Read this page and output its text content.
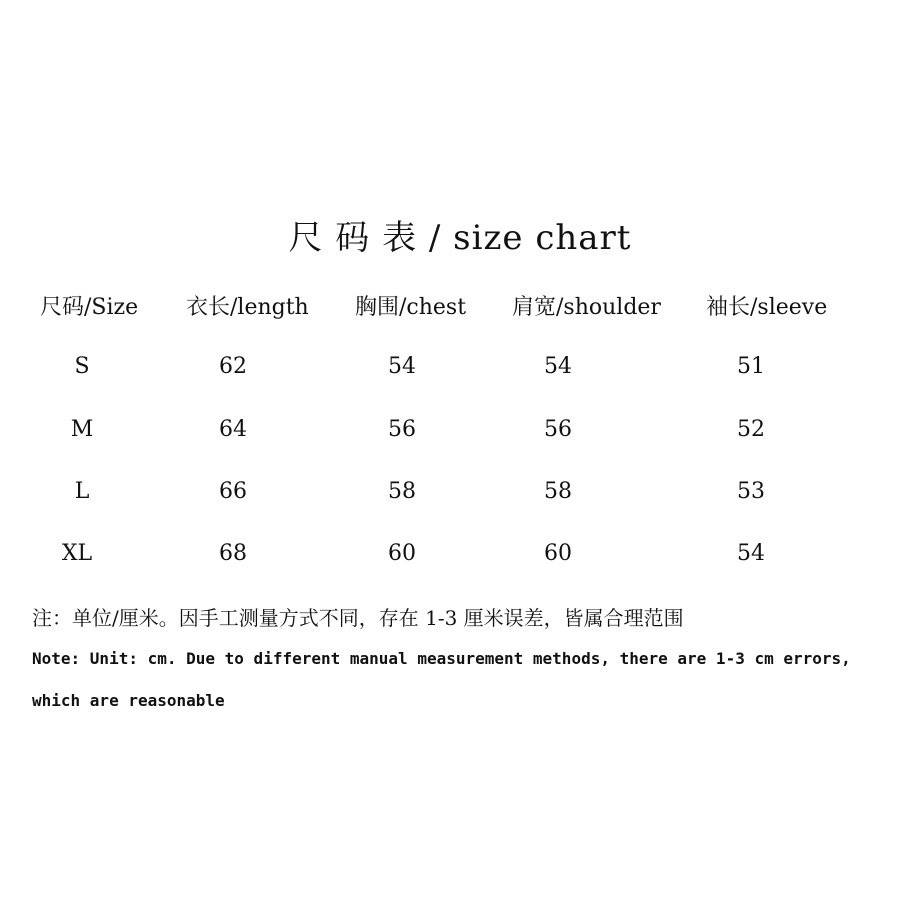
尺 码 表 / size chart
尺码/Size 衣长/length 胸围/chest 肩宽/shoulder 袖长/sleeve
S	62	54	54	51
M	64	56	56	52
L	66	58	58	53
XL	68	60	60	54
注：单位/厘米。因手工测量方式不同，存在 1-3 厘米误差，皆属合理范围
Note: Unit: cm. Due to different manual measurement methods, there are 1-3 cm errors,
which are reasonable
